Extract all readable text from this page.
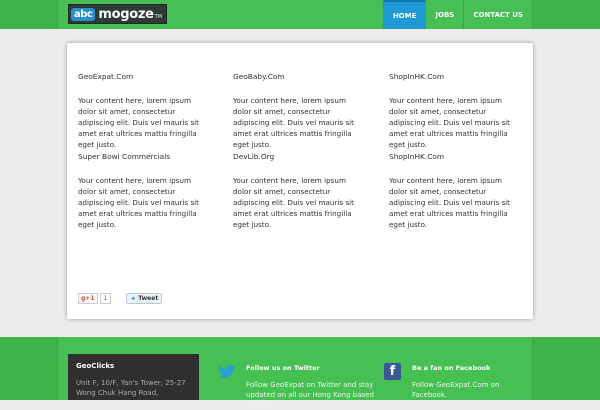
abc mogoze TM	HOME	JOBS	CONTACT US
GeoExpat.Com
Your content here, lorem ipsum dolor sit amet, consectetur adipiscing elit. Duis vel mauris sit amet erat ultrices mattis fringilla eget justo.
GeoBaby.Com
Your content here, lorem ipsum dolor sit amet, consectetur adipiscing elit. Duis vel mauris sit amet erat ultrices mattis fringilla eget justo.
ShopInHK.Com
Your content here, lorem ipsum dolor sit amet, consectetur adipiscing elit. Duis vel mauris sit amet erat ultrices mattis fringilla eget justo.
Super Bowl Commercials
Your content here, lorem ipsum dolor sit amet, consectetur adipiscing elit. Duis vel mauris sit amet erat ultrices mattis fringilla eget justo.
DevLib.Org
Your content here, lorem ipsum dolor sit amet, consectetur adipiscing elit. Duis vel mauris sit amet erat ultrices mattis fringilla eget justo.
ShopInHK.Com
Your content here, lorem ipsum dolor sit amet, consectetur adipiscing elit. Duis vel mauris sit amet erat ultrices mattis fringilla eget justo.
g+1	1	✦ Tweet
GeoClicks
Unit F, 10/F, Yan's Tower, 25-27 Wong Chuk Hang Road,
Follow us on Twitter
Follow GeoExpat on Twitter and stay updated on all our Hong Kong based websites.
f	Be a fan on Facebook
Follow GeoExpat.Com on Facebook.
